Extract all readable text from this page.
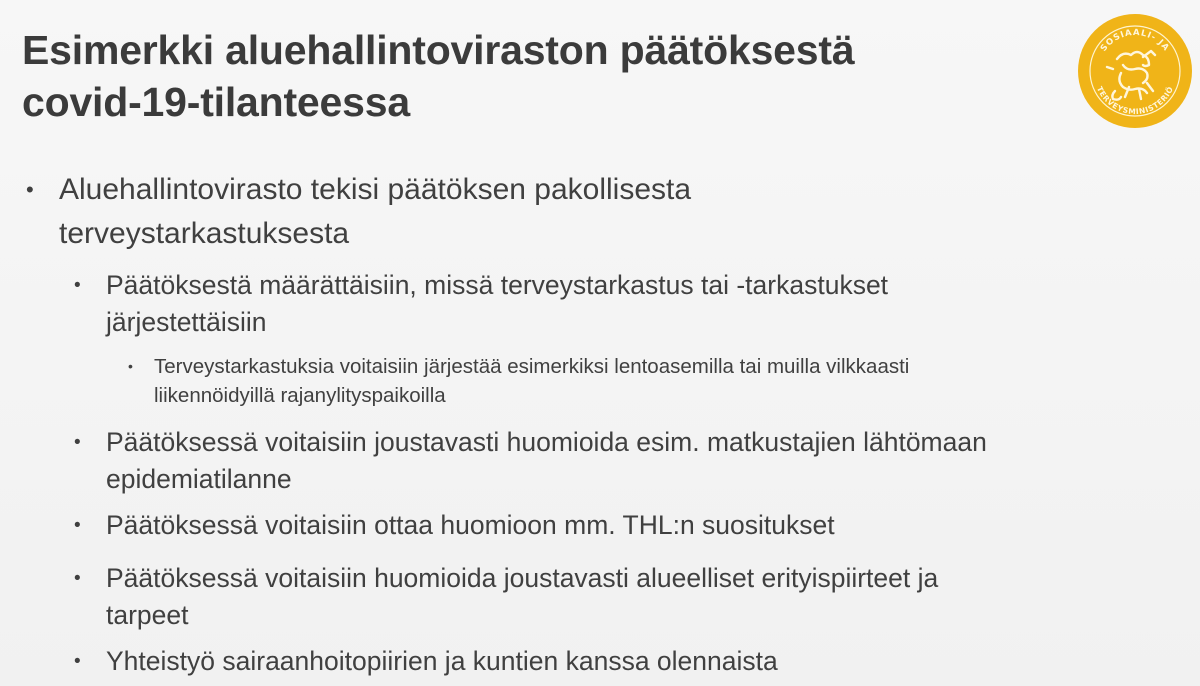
Esimerkki aluehallintoviraston päätöksestä
covid-19-tilanteessa
SOSIAALI- JA
TERVEYSMINISTERIÖ
• Aluehallintovirasto tekisi päätöksen pakollisesta
terveystarkastuksesta
• Päätöksestä määrättäisiin, missä terveystarkastus tai -tarkastukset
järjestettäisiin
• Terveystarkastuksia voitaisiin järjestää esimerkiksi lentoasemilla tai muilla vilkkaasti
liikennöidyillä rajanylityspaikoilla
• Päätöksessä voitaisiin joustavasti huomioida esim. matkustajien lähtömaan
epidemiatilanne
• Päätöksessä voitaisiin ottaa huomioon mm. THL:n suositukset
• Päätöksessä voitaisiin huomioida joustavasti alueelliset erityispiirteet ja
tarpeet
• Yhteistyö sairaanhoitopiirien ja kuntien kanssa olennaista
